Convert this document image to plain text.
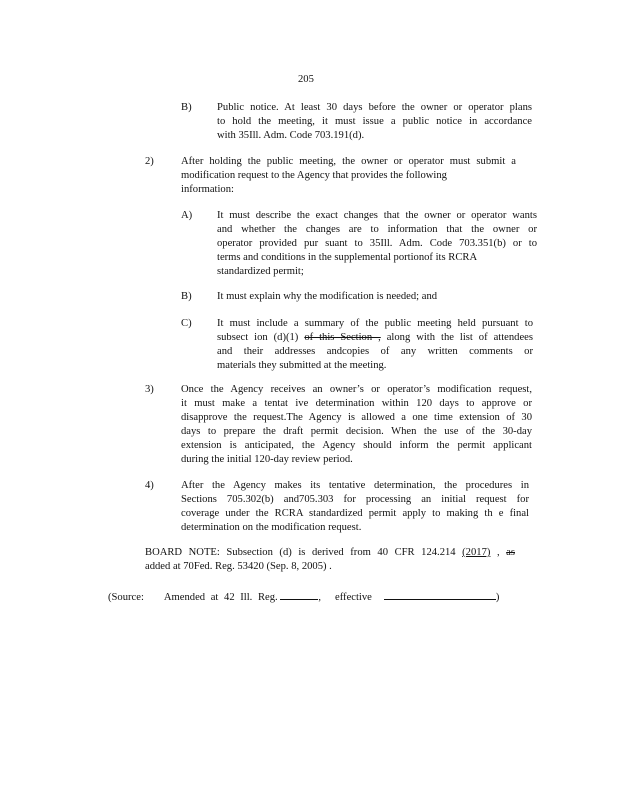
205
B) Public notice. At least 30 days before the owner or operator plans
to hold the meeting, it must issue a public notice in accordance
with 35Ill. Adm. Code 703.191(d).
2)	After holding the public meeting, the owner or operator must submit a
modification request to the Agency that provides the following
information:
A) It must describe the exact changes that the owner or operator wants
and whether the changes are to information that the owner or
operator provided pur suant to 35Ill. Adm. Code 703.351(b) or to
terms and conditions in the supplemental portionof its RCRA
standardized permit;
B) It must explain why the modification is needed; and
C) It must include a summary of the public meeting held pursuant to
subsect ion (d)(1) of this Section , along with the list of attendees
and their addresses andcopies of any written comments or
materials they submitted at the meeting.
3)	Once the Agency receives an owner’s or operator’s modification request,
it must make a tentat ive determination within 120 days to approve or
disapprove the request.The Agency is allowed a one time extension of 30
days to prepare the draft permit decision. When the use of the 30-day
extension is anticipated, the Agency should inform the permit applicant
during the initial 120-day review period.
4)	After the Agency makes its tentative determination, the procedures in
Sections 705.302(b) and705.303 for processing an initial request for
coverage under the RCRA standardized permit apply to making th e final
determination on the modification request.
BOARD NOTE: Subsection (d) is derived from 40 CFR 124.214 (2017) , as
added at 70Fed. Reg. 53420 (Sep. 8, 2005) .
(Source: Amended at 42 Ill. Reg.	, effective	)
